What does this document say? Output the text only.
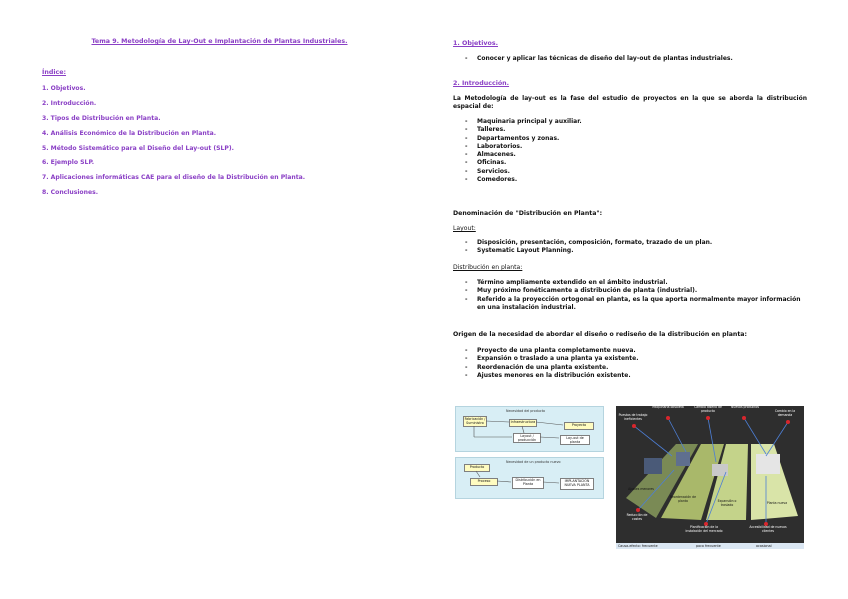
Tema 9. Metodología de Lay-Out e Implantación de Plantas Industriales.
Índice:
1. Objetivos.
2. Introducción.
3. Tipos de Distribución en Planta.
4. Análisis Económico de la Distribución en Planta.
5. Método Sistemático para el Diseño del Lay-out (SLP).
6. Ejemplo SLP.
7. Aplicaciones informáticas CAE para el diseño de la Distribución en Planta.
8. Conclusiones.
1. Objetivos.
- Conocer y aplicar las técnicas de diseño del lay-out de plantas industriales.
2. Introducción.
La Metodología de lay-out es la fase del estudio de proyectos en la que se aborda la distribución espacial de:
- Maquinaria principal y auxiliar.
- Talleres.
- Departamentos y zonas.
- Laboratorios.
- Almacenes.
- Oficinas.
- Servicios.
- Comedores.
Denominación de "Distribución en Planta":
Layout:
- Disposición, presentación, composición, formato, trazado de un plan.
- Systematic Layout Planning.
Distribución en planta:
- Término ampliamente extendido en el ámbito industrial.
- Muy próximo fonéticamente a distribución de planta (industrial).
- Referido a la proyección ortogonal en planta, es la que aporta normalmente mayor información en una instalación industrial.
Origen de la necesidad de abordar el diseño o rediseño de la distribución en planta:
- Proyecto de una planta completamente nueva.
- Expansión o traslado a una planta ya existente.
- Reordenación de una planta existente.
- Ajustes menores en la distribución existente.
Necesidad del producto
Fabricación / Suministro	Infraestructura
Proyecto
Layout / producción	Lay-out de planta
Necesidad de un producto nuevo
Producto
Proceso	Distribución en Planta
IMPLANTACIÓN NUEVA PLANTA
Maquinaria obsoleta	Cambio diseño de producto
Nuevos productos
Cambio en la demanda
Puestos de trabajo ineficientes
Ajustes menores
Reordenación de planta	Expansión o traslado	Planta nueva
Reducción de costes
Planificación de la instalación del mercado
Accesibilidad de nuevos clientes
Causa-efecto: frecuente	poco frecuente	ocasional
